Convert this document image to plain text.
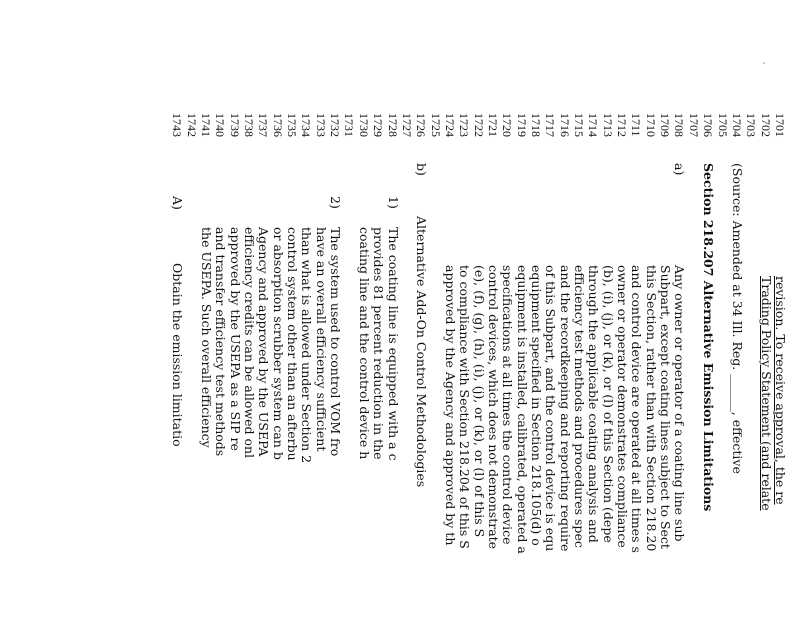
1701
revision. To receive approval, the re
1702
Trading Policy Statement (and relate
1703
1704
(Source: Amended at 34 Ill. Reg. ______, effective
1705
1706
Section 218.207 Alternative Emission Limitations
1707
1708
a)
Any owner or operator of a coating line sub
1709
Subpart, except coating lines subject to Sect
1710
this Section, rather than with Section 218.20
1711
and control device are operated at all times s
1712
owner or operator demonstrates compliance
1713
(b), (i), (j), or (k), or (l) of this Section (depe
1714
through the applicable coating analysis and
1715
efficiency test methods and procedures spec
1716
and the recordkeeping and reporting require
1717
of this Subpart, and the control device is equ
1718
equipment specified in Section 218.105(d) o
1719
equipment is installed, calibrated, operated a
1720
specifications at all times the control device
1721
control devices, which does not demonstrate
1722
(e), (f), (g), (h), (i), (j), or (k), or (l) of this S
1723
to compliance with Section 218.204 of this S
1724
approved by the Agency and approved by th
1725
1726
b)
Alternative Add-On Control Methodologies
1727
1728
1)
The coating line is equipped with a c
1729
provides 81 percent reduction in the
1730
coating line and the control device h
1731
1732
2)
The system used to control VOM fro
1733
have an overall efficiency sufficient
1734
than what is allowed under Section 2
1735
control system other than an afterbu
1736
or absorption scrubber system can b
1737
Agency and approved by the USEPA
1738
efficiency credits can be allowed onl
1739
approved by the USEPA as a SIP re
1740
and transfer efficiency test methods
1741
the USEPA. Such overall efficiency
1742
1743
A)
Obtain the emission limitatio
